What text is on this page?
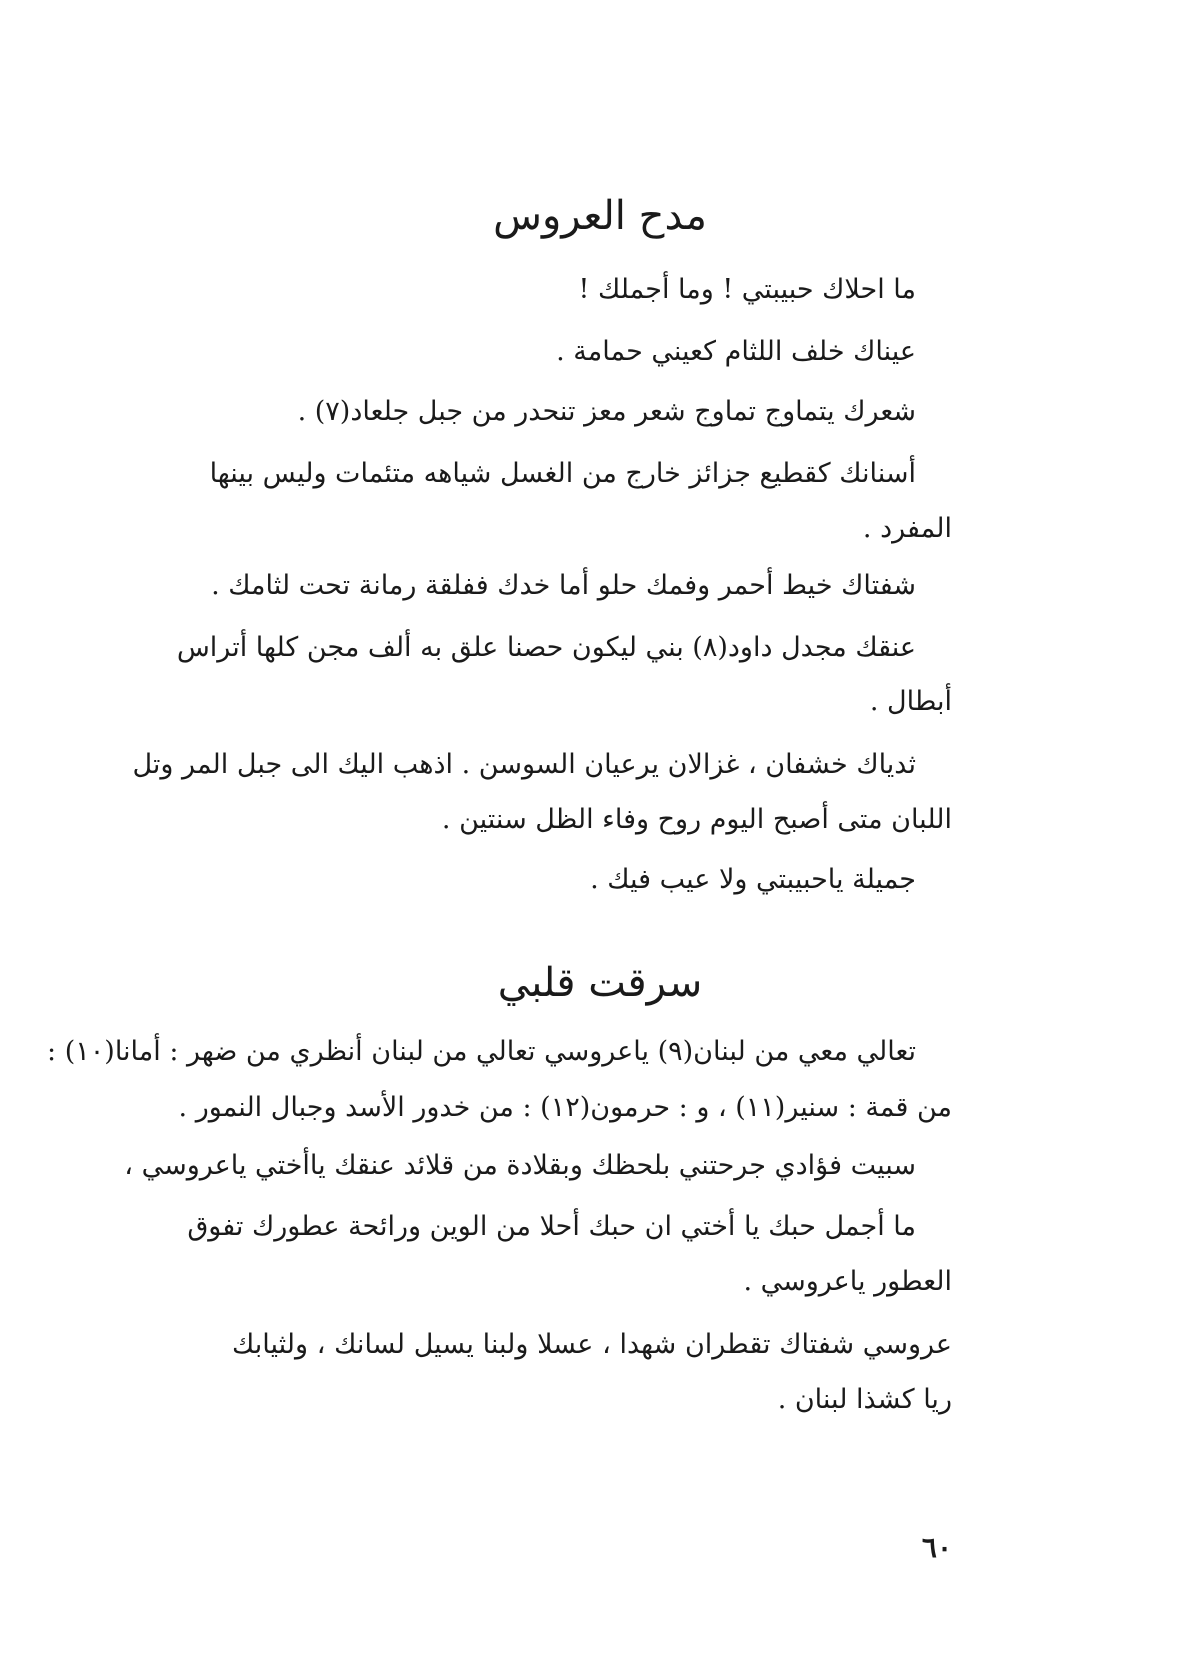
مدح العروس
ما احلاك حبيبتي ! وما أجملك !
عيناك خلف اللثام كعيني حمامة .
شعرك يتماوج تماوج شعر معز تنحدر من جبل جلعاد(٧) .
أسنانك كقطيع جزائز خارج من الغسل شياهه متئمات وليس بينها
المفرد .
شفتاك خيط أحمر وفمك حلو أما خدك ففلقة رمانة تحت لثامك .
عنقك مجدل داود(٨) بني ليكون حصنا علق به ألف مجن كلها أتراس
أبطال .
ثدياك خشفان ، غزالان يرعيان السوسن . اذهب اليك الى جبل المر وتل
اللبان متى أصبح اليوم روح وفاء الظل سنتين .
جميلة ياحبيبتي ولا عيب فيك .
سرقت قلبي
تعالي معي من لبنان(٩) ياعروسي تعالي من لبنان أنظري من ضهر : أمانا(١٠) :
من قمة : سنير(١١) ، و : حرمون(١٢) : من خدور الأسد وجبال النمور .
سبيت فؤادي جرحتني بلحظك وبقلادة من قلائد عنقك ياأختي ياعروسي ،
ما أجمل حبك يا أختي ان حبك أحلا من الوين ورائحة عطورك تفوق
العطور ياعروسي .
عروسي شفتاك تقطران شهدا ، عسلا ولبنا يسيل لسانك ، ولثيابك
ريا كشذا لبنان .
٦٠
